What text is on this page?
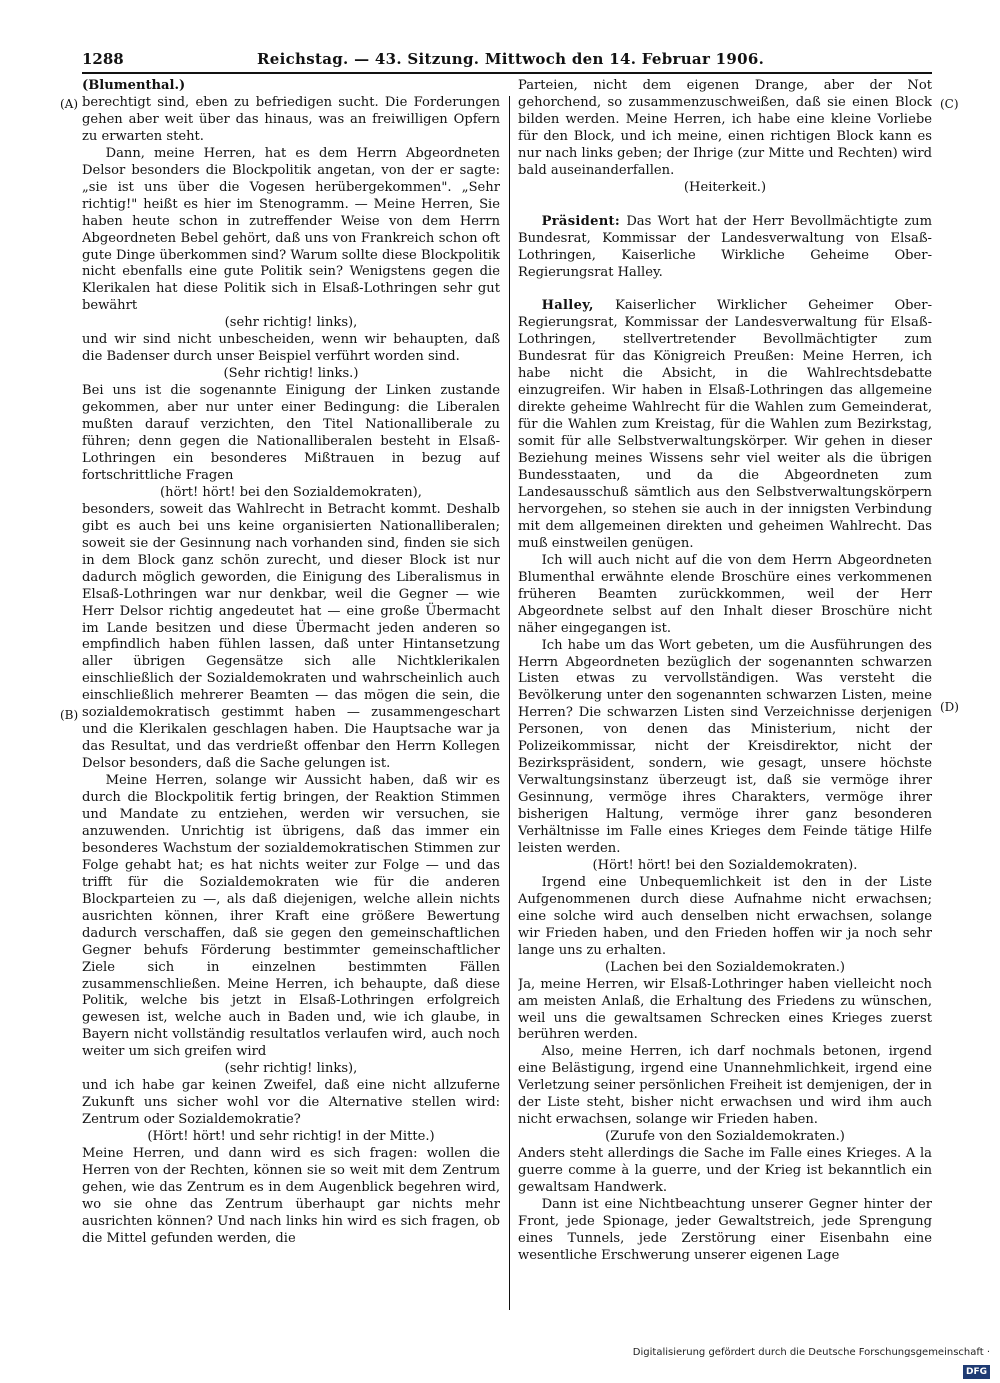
1288	Reichstag. — 43. Sitzung. Mittwoch den 14. Februar 1906.
(A)
(B)
(C)
(D)

(Blumenthal.)

berechtigt sind, eben zu befriedigen sucht. Die Forderungen gehen aber weit über das hinaus, was an freiwilligen Opfern zu erwarten steht.

Dann, meine Herren, hat es dem Herrn Abgeordneten Delsor besonders die Blockpolitik angetan, von der er sagte: „sie ist uns über die Vogesen herübergekommen". „Sehr richtig!" heißt es hier im Stenogramm. — Meine Herren, Sie haben heute schon in zutreffender Weise von dem Herrn Abgeordneten Bebel gehört, daß uns von Frankreich schon oft gute Dinge überkommen sind? Warum sollte diese Blockpolitik nicht ebenfalls eine gute Politik sein? Wenigstens gegen die Klerikalen hat diese Politik sich in Elsaß-Lothringen sehr gut bewährt

(sehr richtig! links),

und wir sind nicht unbescheiden, wenn wir behaupten, daß die Badenser durch unser Beispiel verführt worden sind.

(Sehr richtig! links.)

Bei uns ist die sogenannte Einigung der Linken zustande gekommen, aber nur unter einer Bedingung: die Liberalen mußten darauf verzichten, den Titel Nationalliberale zu führen; denn gegen die Nationalliberalen besteht in Elsaß-Lothringen ein besonderes Mißtrauen in bezug auf fortschrittliche Fragen

(hört! hört! bei den Sozialdemokraten),

besonders, soweit das Wahlrecht in Betracht kommt. Deshalb gibt es auch bei uns keine organisierten Nationalliberalen; soweit sie der Gesinnung nach vorhanden sind, finden sie sich in dem Block ganz schön zurecht, und dieser Block ist nur dadurch möglich geworden, die Einigung des Liberalismus in Elsaß-Lothringen war nur denkbar, weil die Gegner — wie Herr Delsor richtig angedeutet hat — eine große Übermacht im Lande besitzen und diese Übermacht jeden anderen so empfindlich haben fühlen lassen, daß unter Hintansetzung aller übrigen Gegensätze sich alle Nichtklerikalen einschließlich der Sozialdemokraten und wahrscheinlich auch einschließlich mehrerer Beamten — das mögen die sein, die sozialdemokratisch gestimmt haben — zusammengeschart und die Klerikalen geschlagen haben. Die Hauptsache war ja das Resultat, und das verdrießt offenbar den Herrn Kollegen Delsor besonders, daß die Sache gelungen ist.

Meine Herren, solange wir Aussicht haben, daß wir es durch die Blockpolitik fertig bringen, der Reaktion Stimmen und Mandate zu entziehen, werden wir versuchen, sie anzuwenden. Unrichtig ist übrigens, daß das immer ein besonderes Wachstum der sozialdemokratischen Stimmen zur Folge gehabt hat; es hat nichts weiter zur Folge — und das trifft für die Sozialdemokraten wie für die anderen Blockparteien zu —, als daß diejenigen, welche allein nichts ausrichten können, ihrer Kraft eine größere Bewertung dadurch verschaffen, daß sie gegen den gemeinschaftlichen Gegner behufs Förderung bestimmter gemeinschaftlicher Ziele sich in einzelnen bestimmten Fällen zusammenschließen. Meine Herren, ich behaupte, daß diese Politik, welche bis jetzt in Elsaß-Lothringen erfolgreich gewesen ist, welche auch in Baden und, wie ich glaube, in Bayern nicht vollständig resultatlos verlaufen wird, auch noch weiter um sich greifen wird

(sehr richtig! links),

und ich habe gar keinen Zweifel, daß eine nicht allzuferne Zukunft uns sicher wohl vor die Alternative stellen wird: Zentrum oder Sozialdemokratie?

(Hört! hört! und sehr richtig! in der Mitte.)

Meine Herren, und dann wird es sich fragen: wollen die Herren von der Rechten, können sie so weit mit dem Zentrum gehen, wie das Zentrum es in dem Augenblick begehren wird, wo sie ohne das Zentrum überhaupt gar nichts mehr ausrichten können? Und nach links hin wird es sich fragen, ob die Mittel gefunden werden, die

Parteien, nicht dem eigenen Drange, aber der Not gehorchend, so zusammenzuschweißen, daß sie einen Block bilden werden. Meine Herren, ich habe eine kleine Vorliebe für den Block, und ich meine, einen richtigen Block kann es nur nach links geben; der Ihrige (zur Mitte und Rechten) wird bald auseinanderfallen.

(Heiterkeit.)

Präsident: Das Wort hat der Herr Bevollmächtigte zum Bundesrat, Kommissar der Landesverwaltung von Elsaß-Lothringen, Kaiserliche Wirkliche Geheime Ober-Regierungsrat Halley.

Halley, Kaiserlicher Wirklicher Geheimer Ober-Regierungsrat, Kommissar der Landesverwaltung für Elsaß-Lothringen, stellvertretender Bevollmächtigter zum Bundesrat für das Königreich Preußen: Meine Herren, ich habe nicht die Absicht, in die Wahlrechtsdebatte einzugreifen. Wir haben in Elsaß-Lothringen das allgemeine direkte geheime Wahlrecht für die Wahlen zum Gemeinderat, für die Wahlen zum Kreistag, für die Wahlen zum Bezirkstag, somit für alle Selbstverwaltungskörper. Wir gehen in dieser Beziehung meines Wissens sehr viel weiter als die übrigen Bundesstaaten, und da die Abgeordneten zum Landesausschuß sämtlich aus den Selbstverwaltungskörpern hervorgehen, so stehen sie auch in der innigsten Verbindung mit dem allgemeinen direkten und geheimen Wahlrecht. Das muß einstweilen genügen.

Ich will auch nicht auf die von dem Herrn Abgeordneten Blumenthal erwähnte elende Broschüre eines verkommenen früheren Beamten zurückkommen, weil der Herr Abgeordnete selbst auf den Inhalt dieser Broschüre nicht näher eingegangen ist.

Ich habe um das Wort gebeten, um die Ausführungen des Herrn Abgeordneten bezüglich der sogenannten schwarzen Listen etwas zu vervollständigen. Was versteht die Bevölkerung unter den sogenannten schwarzen Listen, meine Herren? Die schwarzen Listen sind Verzeichnisse derjenigen Personen, von denen das Ministerium, nicht der Polizeikommissar, nicht der Kreisdirektor, nicht der Bezirkspräsident, sondern, wie gesagt, unsere höchste Verwaltungsinstanz überzeugt ist, daß sie vermöge ihrer Gesinnung, vermöge ihres Charakters, vermöge ihrer bisherigen Haltung, vermöge ihrer ganz besonderen Verhältnisse im Falle eines Krieges dem Feinde tätige Hilfe leisten werden.

(Hört! hört! bei den Sozialdemokraten).

Irgend eine Unbequemlichkeit ist den in der Liste Aufgenommenen durch diese Aufnahme nicht erwachsen; eine solche wird auch denselben nicht erwachsen, solange wir Frieden haben, und den Frieden hoffen wir ja noch sehr lange uns zu erhalten.

(Lachen bei den Sozialdemokraten.)

Ja, meine Herren, wir Elsaß-Lothringer haben vielleicht noch am meisten Anlaß, die Erhaltung des Friedens zu wünschen, weil uns die gewaltsamen Schrecken eines Krieges zuerst berühren werden.

Also, meine Herren, ich darf nochmals betonen, irgend eine Belästigung, irgend eine Unannehmlichkeit, irgend eine Verletzung seiner persönlichen Freiheit ist demjenigen, der in der Liste steht, bisher nicht erwachsen und wird ihm auch nicht erwachsen, solange wir Frieden haben.

(Zurufe von den Sozialdemokraten.)

Anders steht allerdings die Sache im Falle eines Krieges. A la guerre comme à la guerre, und der Krieg ist bekanntlich ein gewaltsam Handwerk.

Dann ist eine Nichtbeachtung unserer Gegner hinter der Front, jede Spionage, jeder Gewaltstreich, jede Sprengung eines Tunnels, jede Zerstörung einer Eisenbahn eine wesentliche Erschwerung unserer eigenen Lage

Digitalisierung gefördert durch die Deutsche Forschungsgemeinschaft · DFG
